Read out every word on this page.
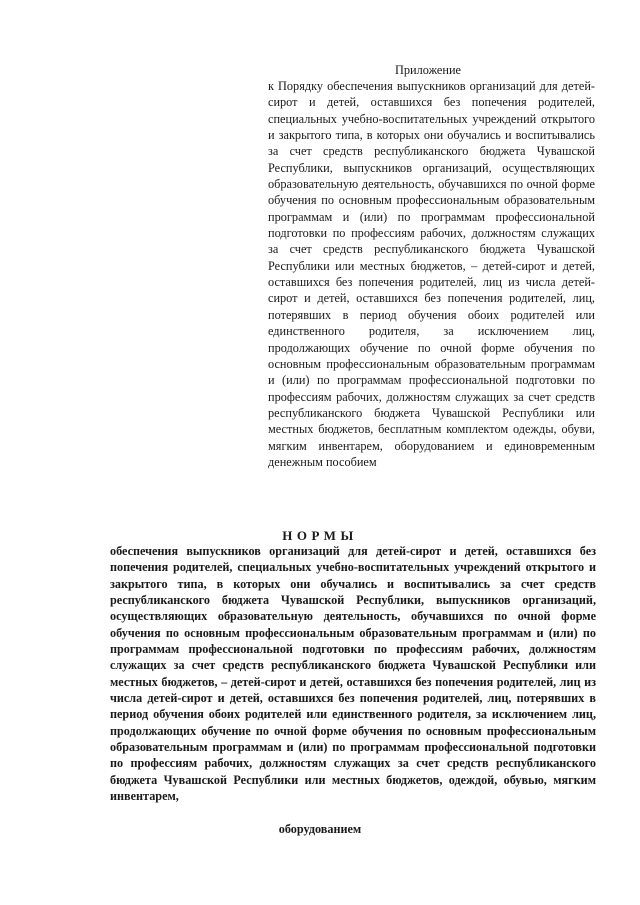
Приложение
к Порядку обеспечения выпускников организаций для детей-сирот и детей, оставшихся без попечения родителей, специальных учебно-воспитательных учреждений открытого и закрытого типа, в которых они обучались и воспитывались за счет средств республиканского бюджета Чувашской Республики, выпускников организаций, осуществляющих образовательную деятельность, обучавшихся по очной форме обучения по основным профессиональным образовательным программам и (или) по программам профессиональной подготовки по профессиям рабочих, должностям служащих за счет средств республиканского бюджета Чувашской Республики или местных бюджетов, – детей-сирот и детей, оставшихся без попечения родителей, лиц из числа детей-сирот и детей, оставшихся без попечения родителей, лиц, потерявших в период обучения обоих родителей или единственного родителя, за исключением лиц, продолжающих обучение по очной форме обучения по основным профессиональным образовательным программам и (или) по программам профессиональной подготовки по профессиям рабочих, должностям служащих за счет средств республиканского бюджета Чувашской Республики или местных бюджетов, бесплатным комплектом одежды, обуви, мягким инвентарем, оборудованием и единовременным денежным пособием
НОРМЫ
обеспечения выпускников организаций для детей-сирот и детей, оставшихся без попечения родителей, специальных учебно-воспитательных учреждений открытого и закрытого типа, в которых они обучались и воспитывались за счет средств республиканского бюджета Чувашской Республики, выпускников организаций, осуществляющих образовательную деятельность, обучавшихся по очной форме обучения по основным профессиональным образовательным программам и (или) по программам профессиональной подготовки по профессиям рабочих, должностям служащих за счет средств республиканского бюджета Чувашской Республики или местных бюджетов, – детей-сирот и детей, оставшихся без попечения родителей, лиц из числа детей-сирот и детей, оставшихся без попечения родителей, лиц, потерявших в период обучения обоих родителей или единственного родителя, за исключением лиц, продолжающих обучение по очной форме обучения по основным профессиональным образовательным программам и (или) по программам профессиональной подготовки по профессиям рабочих, должностям служащих за счет средств республиканского бюджета Чувашской Республики или местных бюджетов, одеждой, обувью, мягким инвентарем,
оборудованием
